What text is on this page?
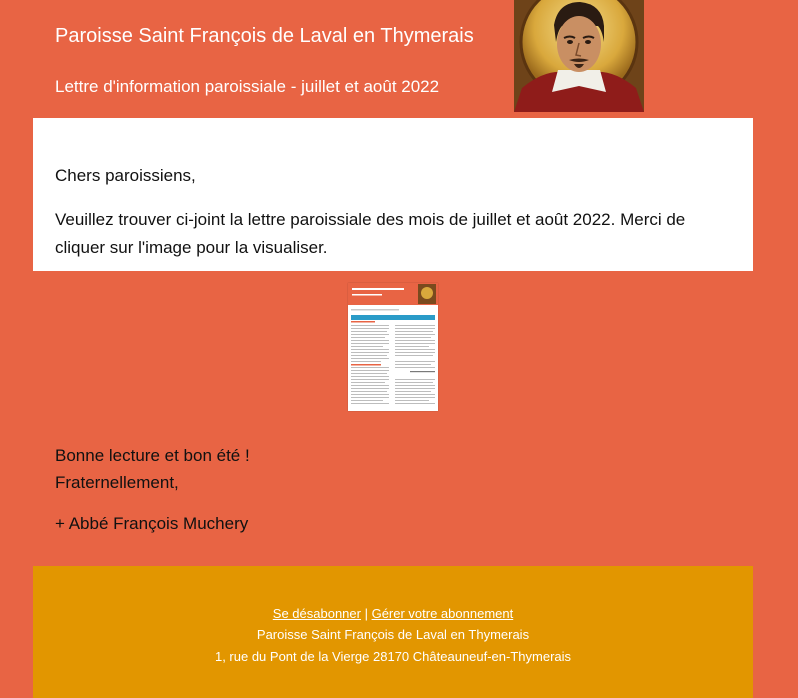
Paroisse Saint François de Laval en Thymerais
Lettre d'information paroissiale - juillet et août 2022

Chers paroissiens,

Veuillez trouver ci-joint la lettre paroissiale des mois de juillet et août 2022. Merci de cliquer sur l'image pour la visualiser.

Bonne lecture et bon été !
Fraternellement,
+ Abbé François Muchery
Se désabonner | Gérer votre abonnement
Paroisse Saint François de Laval en Thymerais
1, rue du Pont de la Vierge 28170 Châteauneuf-en-Thymerais
